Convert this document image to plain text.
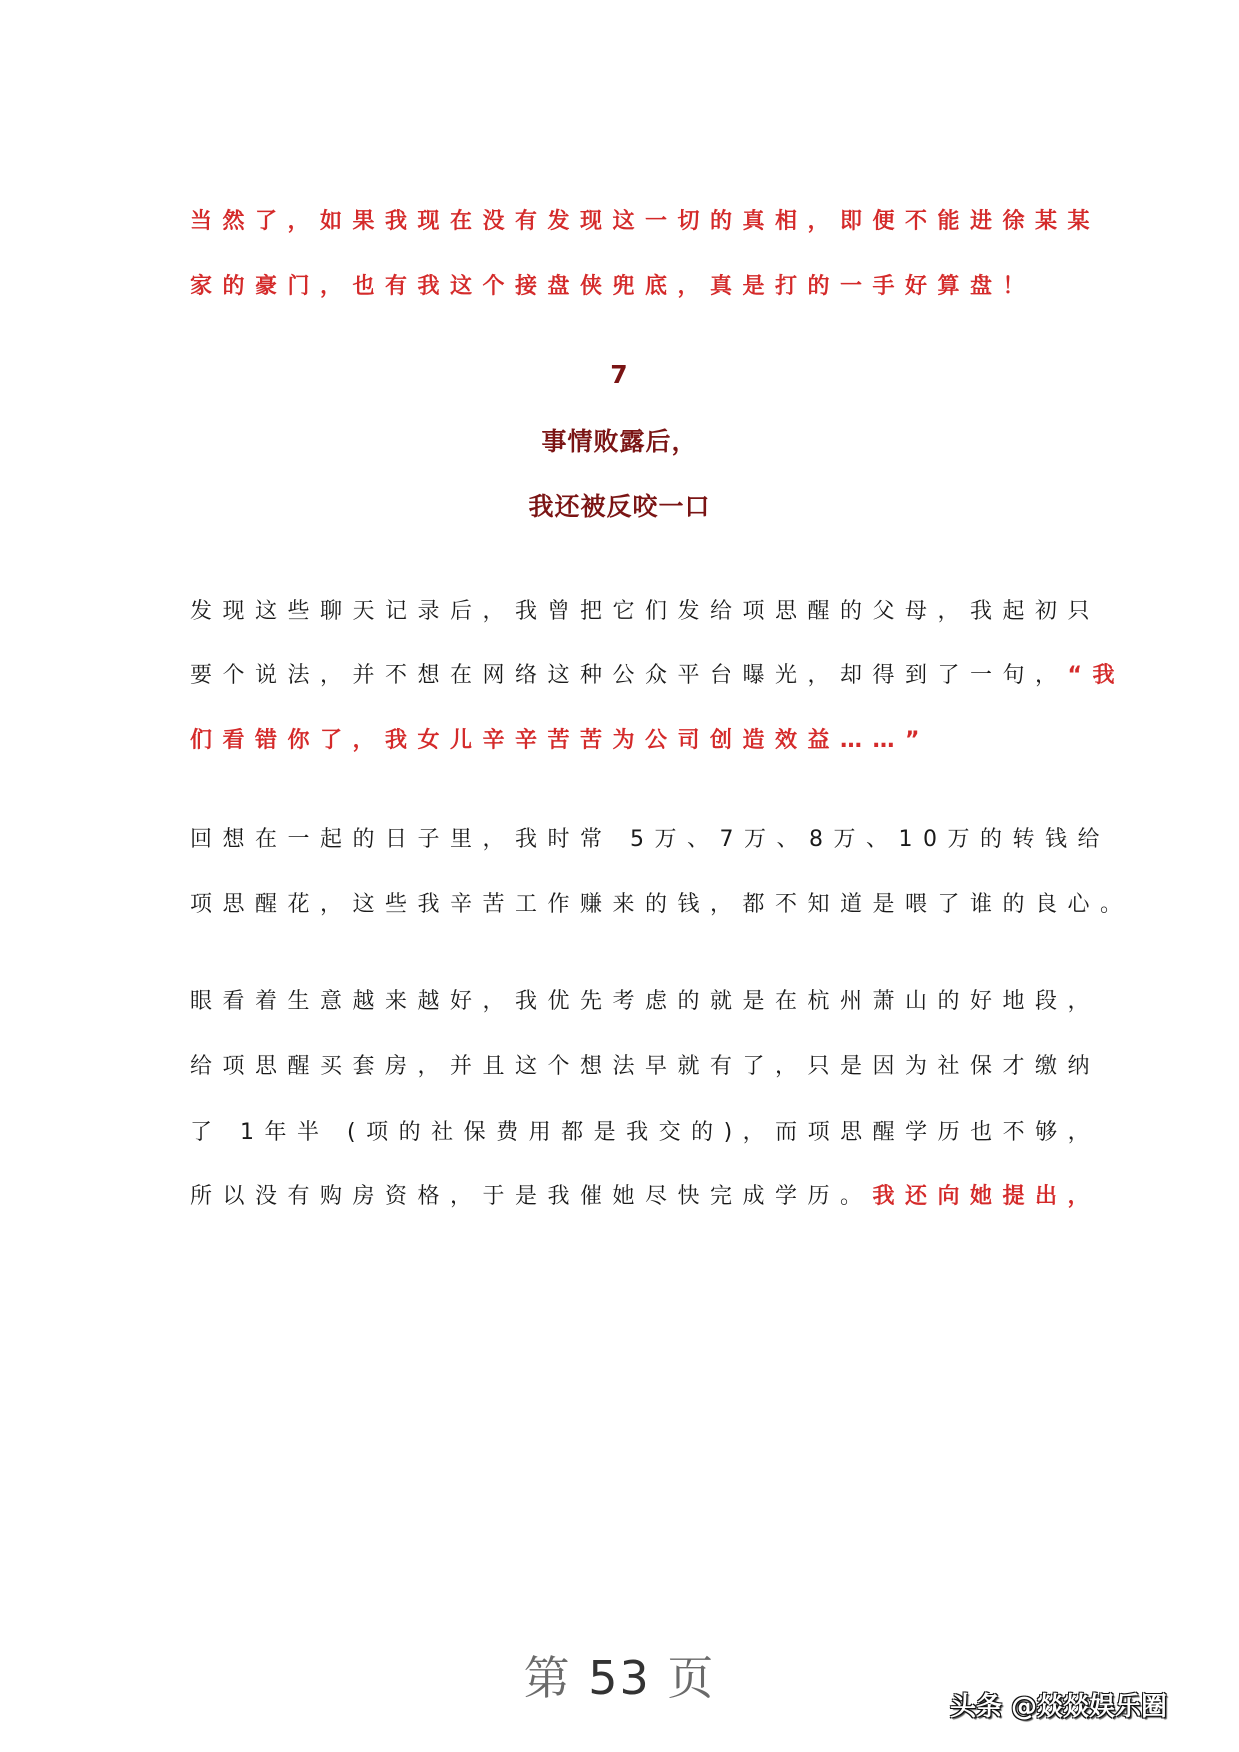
当然了，如果我现在没有发现这一切的真相，即便不能进徐某某
家的豪门，也有我这个接盘侠兜底，真是打的一手好算盘！
7
事情败露后，
我还被反咬一口
发现这些聊天记录后，我曾把它们发给项思醒的父母，我起初只
要个说法，并不想在网络这种公众平台曝光，却得到了一句，“我
们看错你了，我女儿辛辛苦苦为公司创造效益……”
回想在一起的日子里，我时常 5万、7万、8万、10万的转钱给
项思醒花，这些我辛苦工作赚来的钱，都不知道是喂了谁的良心。
眼看着生意越来越好，我优先考虑的就是在杭州萧山的好地段，
给项思醒买套房，并且这个想法早就有了，只是因为社保才缴纳
了 1年半 (项的社保费用都是我交的)，而项思醒学历也不够，
所以没有购房资格，于是我催她尽快完成学历。我还向她提出，
第 53 页
头条 @燚燚娱乐圈
